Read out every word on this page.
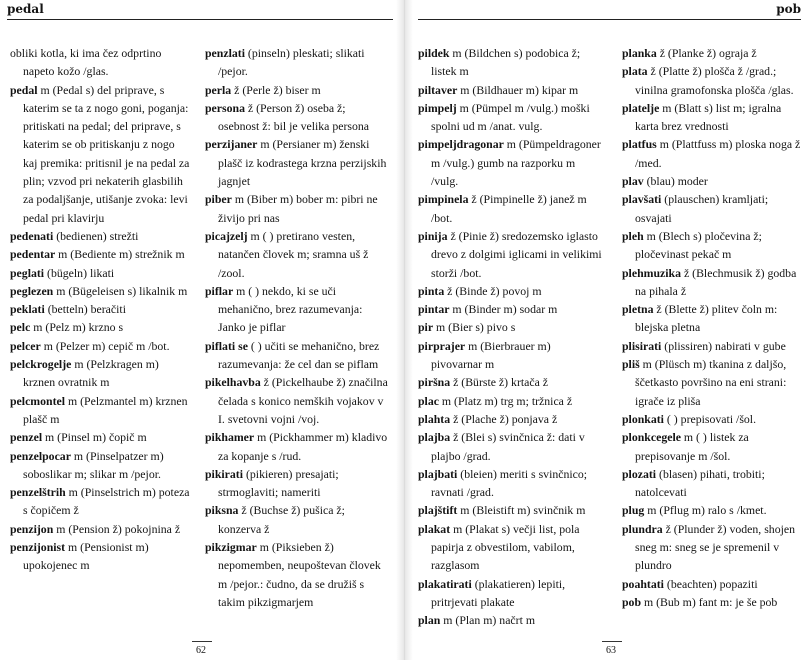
pedal	pob

obliki kotla, ki ima čez odprtino napeto kožo /glas.

pedal m (Pedal s) del priprave, s katerim se ta z nogo goni, poganja: pritiskati na pedal; del priprave, s katerim se ob pritiskanju z nogo kaj premika: pritisnil je na pedal za plin; vzvod pri nekaterih glasbilih za podaljšanje, utišanje zvoka: levi pedal pri klavirju

pedenati (bedienen) strežti

pedentar m (Bediente m) strežnik m

peglati (bügeln) likati

peglezen m (Bügeleisen s) likalnik m

peklati (betteln) beračiti

pelc m (Pelz m) krzno s

pelcer m (Pelzer m) cepič m /bot.

pelckrogelje m (Pelzkragen m) krznen ovratnik m

pelcmontel m (Pelzmantel m) krznen plašč m

penzel m (Pinsel m) čopič m

penzelpocar m (Pinselpatzer m) soboslikar m; slikar m /pejor.

penzelštrih m (Pinselstrich m) poteza s čopičem ž

penzijon m (Pension ž) pokojnina ž

penzijonist m (Pensionist m) upokojenec m

penzlati (pinseln) pleskati; slikati /pejor.

perla ž (Perle ž) biser m

persona ž (Person ž) oseba ž; osebnost ž: bil je velika persona

perzijaner m (Persianer m) ženski plašč iz kodrastega krzna perzijskih jagnjet

piber m (Biber m) bober m: pibri ne živijo pri nas

picajzelj m ( ) pretirano vesten, natančen človek m; sramna uš ž /zool.

piflar m ( ) nekdo, ki se uči mehanično, brez razumevanja: Janko je piflar

piflati se ( ) učiti se mehanično, brez razumevanja: že cel dan se piflam

pikelhavba ž (Pickelhaube ž) značilna čelada s konico nemških vojakov v I. svetovni vojni /voj.

pikhamer m (Pickhammer m) kladivo za kopanje s /rud.

pikirati (pikieren) presajati; strmoglaviti; nameriti

piksna ž (Buchse ž) pušica ž; konzerva ž

pikzigmar m (Piksieben ž) nepomemben, neupoštevan človek m /pejor.: čudno, da se družiš s takim pikzigmarjem

pildek m (Bildchen s) podobica ž; listek m

piltaver m (Bildhauer m) kipar m

pimpelj m (Pümpel m /vulg.) moški spolni ud m /anat. vulg.

pimpeljdragonar m (Pümpeldragoner m /vulg.) gumb na razporku m /vulg.

pimpinela ž (Pimpinelle ž) janež m /bot.

pinija ž (Pinie ž) sredozemsko iglasto drevo z dolgimi iglicami in velikimi storži /bot.

pinta ž (Binde ž) povoj m

pintar m (Binder m) sodar m

pir m (Bier s) pivo s

pirprajer m (Bierbrauer m) pivovarnar m

piršna ž (Bürste ž) krtača ž

plac m (Platz m) trg m; tržnica ž

plahta ž (Plache ž) ponjava ž

plajba ž (Blei s) svinčnica ž: dati v plajbo /grad.

plajbati (bleien) meriti s svinčnico; ravnati /grad.

plajštift m (Bleistift m) svinčnik m

plakat m (Plakat s) večji list, pola papirja z obvestilom, vabilom, razglasom

plakatirati (plakatieren) lepiti, pritrjevati plakate

plan m (Plan m) načrt m

planka ž (Planke ž) ograja ž

plata ž (Platte ž) plošča ž /grad.; vinilna gramofonska plošča /glas.

platelje m (Blatt s) list m; igralna karta brez vrednosti

platfus m (Plattfuss m) ploska noga ž /med.

plav (blau) moder

plavšati (plauschen) kramljati; osvajati

pleh m (Blech s) pločevina ž; pločevinast pekač m

plehmuzika ž (Blechmusik ž) godba na pihala ž

pletna ž (Blette ž) plitev čoln m: blejska pletna

plisirati (plissiren) nabirati v gube

pliš m (Plüsch m) tkanina z daljšo, ščetkasto površino na eni strani: igrače iz pliša

plonkati ( ) prepisovati /šol.

plonkcegele m ( ) listek za prepisovanje m /šol.

plozati (blasen) pihati, trobiti; natolcevati

plug m (Pflug m) ralo s /kmet.

plundra ž (Plunder ž) voden, shojen sneg m: sneg se je spremenil v plundro

poahtati (beachten) popaziti

pob m (Bub m) fant m: je še pob

62	63
